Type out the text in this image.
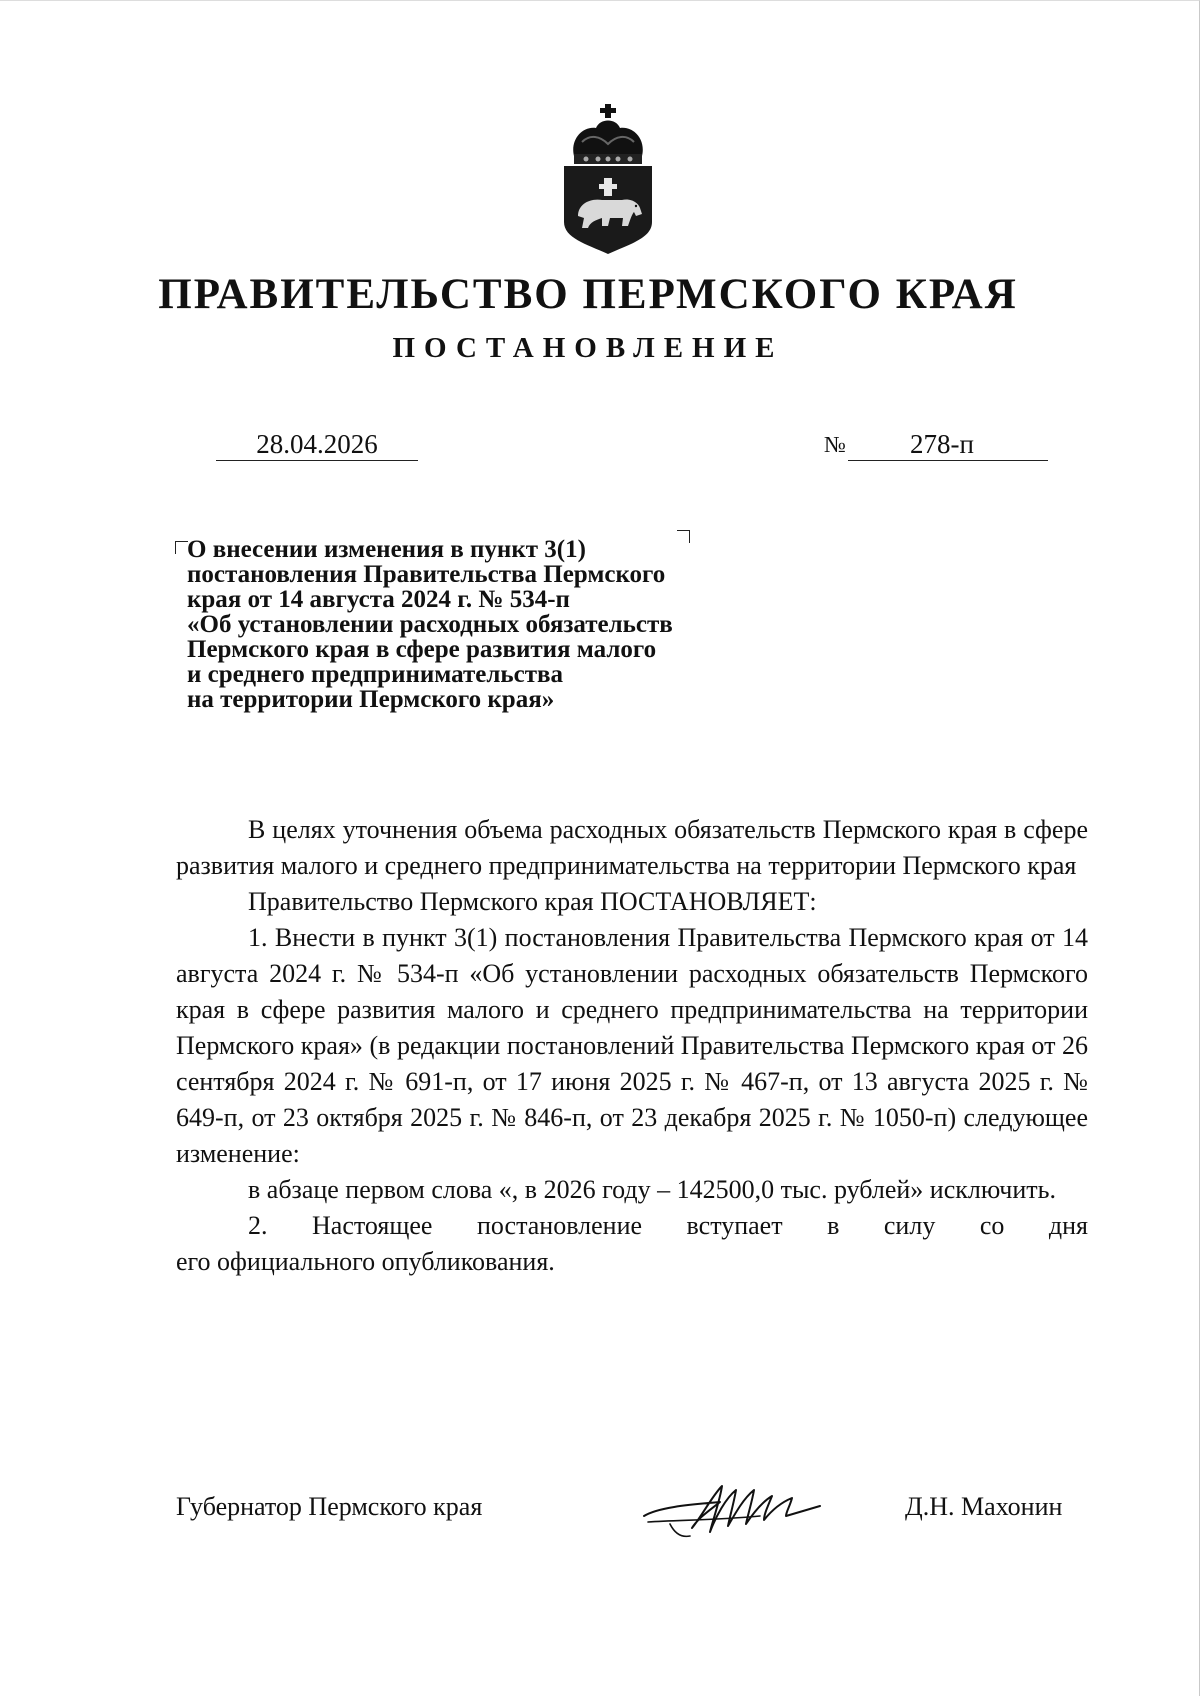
ПРАВИТЕЛЬСТВО ПЕРМСКОГО КРАЯ
ПОСТАНОВЛЕНИЕ
28.04.2026	№	278-п
О внесении изменения в пункт 3(1)
постановления Правительства Пермского
края от 14 августа 2024 г. № 534-п
«Об установлении расходных обязательств
Пермского края в сфере развития малого
и среднего предпринимательства
на территории Пермского края»

В целях уточнения объема расходных обязательств Пермского края в сфере развития малого и среднего предпринимательства на территории Пермского края

Правительство Пермского края ПОСТАНОВЛЯЕТ:

1. Внести в пункт 3(1) постановления Правительства Пермского края от 14 августа 2024 г. № 534-п «Об установлении расходных обязательств Пермского края в сфере развития малого и среднего предпринимательства на территории Пермского края» (в редакции постановлений Правительства Пермского края от 26 сентября 2024 г. № 691-п, от 17 июня 2025 г. № 467-п, от 13 августа 2025 г. № 649-п, от 23 октября 2025 г. № 846-п, от 23 декабря 2025 г. № 1050-п) следующее изменение:

в абзаце первом слова «, в 2026 году – 142500,0 тыс. рублей» исключить.

2. Настоящее постановление вступает в силу со дня

его официального опубликования.

Губернатор Пермского края	Д.Н. Махонин
